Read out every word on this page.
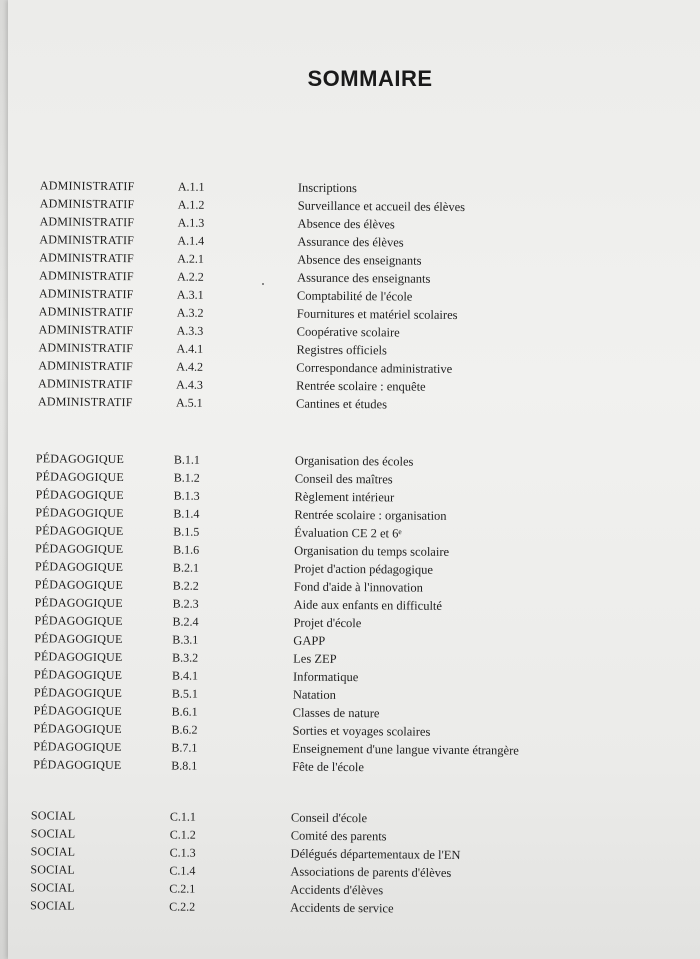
SOMMAIRE
ADMINISTRATIF	A.1.1	Inscriptions
ADMINISTRATIF	A.1.2	Surveillance et accueil des élèves
ADMINISTRATIF	A.1.3	Absence des élèves
ADMINISTRATIF	A.1.4	Assurance des élèves
ADMINISTRATIF	A.2.1	Absence des enseignants
ADMINISTRATIF	A.2.2	Assurance des enseignants
ADMINISTRATIF	A.3.1	Comptabilité de l'école
ADMINISTRATIF	A.3.2	Fournitures et matériel scolaires
ADMINISTRATIF	A.3.3	Coopérative scolaire
ADMINISTRATIF	A.4.1	Registres officiels
ADMINISTRATIF	A.4.2	Correspondance administrative
ADMINISTRATIF	A.4.3	Rentrée scolaire : enquête
ADMINISTRATIF	A.5.1	Cantines et études
PÉDAGOGIQUE	B.1.1	Organisation des écoles
PÉDAGOGIQUE	B.1.2	Conseil des maîtres
PÉDAGOGIQUE	B.1.3	Règlement intérieur
PÉDAGOGIQUE	B.1.4	Rentrée scolaire : organisation
PÉDAGOGIQUE	B.1.5	Évaluation CE 2 et 6ᵉ
PÉDAGOGIQUE	B.1.6	Organisation du temps scolaire
PÉDAGOGIQUE	B.2.1	Projet d'action pédagogique
PÉDAGOGIQUE	B.2.2	Fond d'aide à l'innovation
PÉDAGOGIQUE	B.2.3	Aide aux enfants en difficulté
PÉDAGOGIQUE	B.2.4	Projet d'école
PÉDAGOGIQUE	B.3.1	GAPP
PÉDAGOGIQUE	B.3.2	Les ZEP
PÉDAGOGIQUE	B.4.1	Informatique
PÉDAGOGIQUE	B.5.1	Natation
PÉDAGOGIQUE	B.6.1	Classes de nature
PÉDAGOGIQUE	B.6.2	Sorties et voyages scolaires
PÉDAGOGIQUE	B.7.1	Enseignement d'une langue vivante étrangère
PÉDAGOGIQUE	B.8.1	Fête de l'école
SOCIAL	C.1.1	Conseil d'école
SOCIAL	C.1.2	Comité des parents
SOCIAL	C.1.3	Délégués départementaux de l'EN
SOCIAL	C.1.4	Associations de parents d'élèves
SOCIAL	C.2.1	Accidents d'élèves
SOCIAL	C.2.2	Accidents de service
